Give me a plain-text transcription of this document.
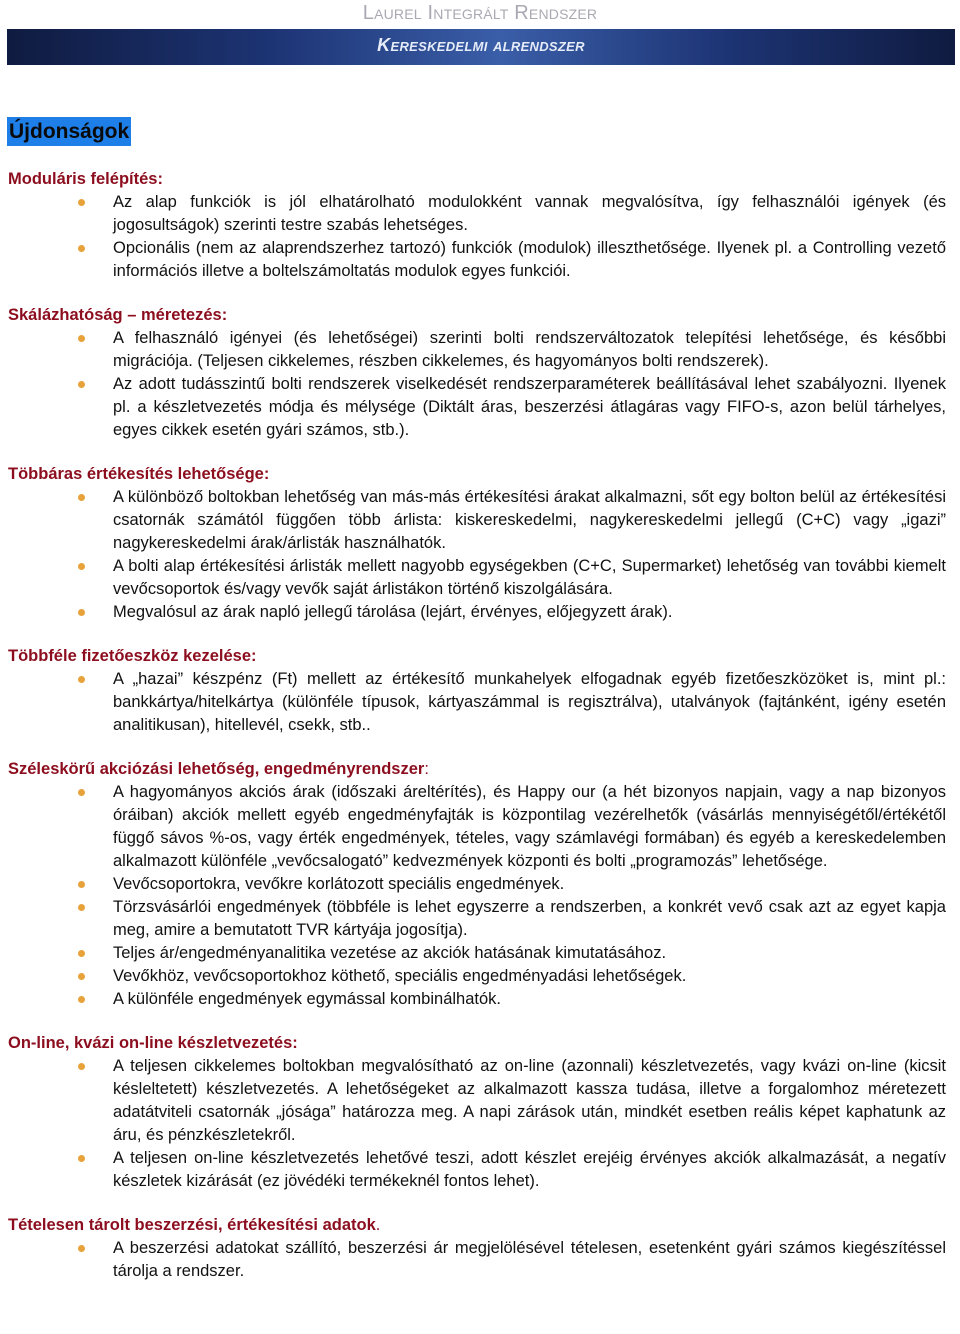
Laurel Integrált Rendszer
Kereskedelmi alrendszer
Újdonságok
Moduláris felépítés:
Az alap funkciók is jól elhatárolható modulokként vannak megvalósítva, így felhasználói igények (és jogosultságok) szerinti testre szabás lehetséges.
Opcionális (nem az alaprendszerhez tartozó) funkciók (modulok) illeszthetősége. Ilyenek pl. a Controlling vezető információs illetve a boltelszámoltatás modulok egyes funkciói.
Skálázhatóság – méretezés:
A felhasználó igényei (és lehetőségei) szerinti bolti rendszerváltozatok telepítési lehetősége, és későbbi migrációja. (Teljesen cikkelemes, részben cikkelemes, és hagyományos bolti rendszerek).
Az adott tudásszintű bolti rendszerek viselkedését rendszerparaméterek beállításával lehet szabályozni. Ilyenek pl. a készletvezetés módja és mélysége (Diktált áras, beszerzési átlagáras vagy FIFO-s, azon belül tárhelyes, egyes cikkek esetén gyári számos, stb.).
Többáras értékesítés lehetősége:
A különböző boltokban lehetőség van más-más értékesítési árakat alkalmazni, sőt egy bolton belül az értékesítési csatornák számától függően több árlista: kiskereskedelmi, nagykereskedelmi jellegű (C+C) vagy „igazi” nagykereskedelmi árak/árlisták használhatók.
A bolti alap értékesítési árlisták mellett nagyobb egységekben (C+C, Supermarket) lehetőség van további kiemelt vevőcsoportok és/vagy vevők saját árlistákon történő kiszolgálására.
Megvalósul az árak napló jellegű tárolása (lejárt, érvényes, előjegyzett árak).
Többféle fizetőeszköz kezelése:
A „hazai” készpénz (Ft) mellett az értékesítő munkahelyek elfogadnak egyéb fizetőeszközöket is, mint pl.: bankkártya/hitelkártya (különféle típusok, kártyaszámmal is regisztrálva), utalványok (fajtánként, igény esetén analitikusan), hitellevél, csekk, stb..
Széleskörű akciózási lehetőség, engedményrendszer:
A hagyományos akciós árak (időszaki áreltérítés), és Happy our (a hét bizonyos napjain, vagy a nap bizonyos óráiban) akciók mellett egyéb engedményfajták is központilag vezérelhetők (vásárlás mennyiségétől/értékétől függő sávos %-os, vagy érték engedmények, tételes, vagy számlavégi formában) és egyéb a kereskedelemben alkalmazott különféle „vevőcsalogató” kedvezmények központi és bolti „programozás” lehetősége.
Vevőcsoportokra, vevőkre korlátozott speciális engedmények.
Törzsvásárlói engedmények (többféle is lehet egyszerre a rendszerben, a konkrét vevő csak azt az egyet kapja meg, amire a bemutatott TVR kártyája jogosítja).
Teljes ár/engedményanalitika vezetése az akciók hatásának kimutatásához.
Vevőkhöz, vevőcsoportokhoz köthető, speciális engedményadási lehetőségek.
A különféle engedmények egymással kombinálhatók.
On-line, kvázi on-line készletvezetés:
A teljesen cikkelemes boltokban megvalósítható az on-line (azonnali) készletvezetés, vagy kvázi on-line (kicsit késleltetett) készletvezetés. A lehetőségeket az alkalmazott kassza tudása, illetve a forgalomhoz méretezett adatátviteli csatornák „jósága” határozza meg. A napi zárások után, mindkét esetben reális képet kaphatunk az áru, és pénzkészletekről.
A teljesen on-line készletvezetés lehetővé teszi, adott készlet erejéig érvényes akciók alkalmazását, a negatív készletek kizárását (ez jövédéki termékeknél fontos lehet).
Tételesen tárolt beszerzési, értékesítési adatok.
A beszerzési adatokat szállító, beszerzési ár megjelölésével tételesen, esetenként gyári számos kiegészítéssel tárolja a rendszer.
